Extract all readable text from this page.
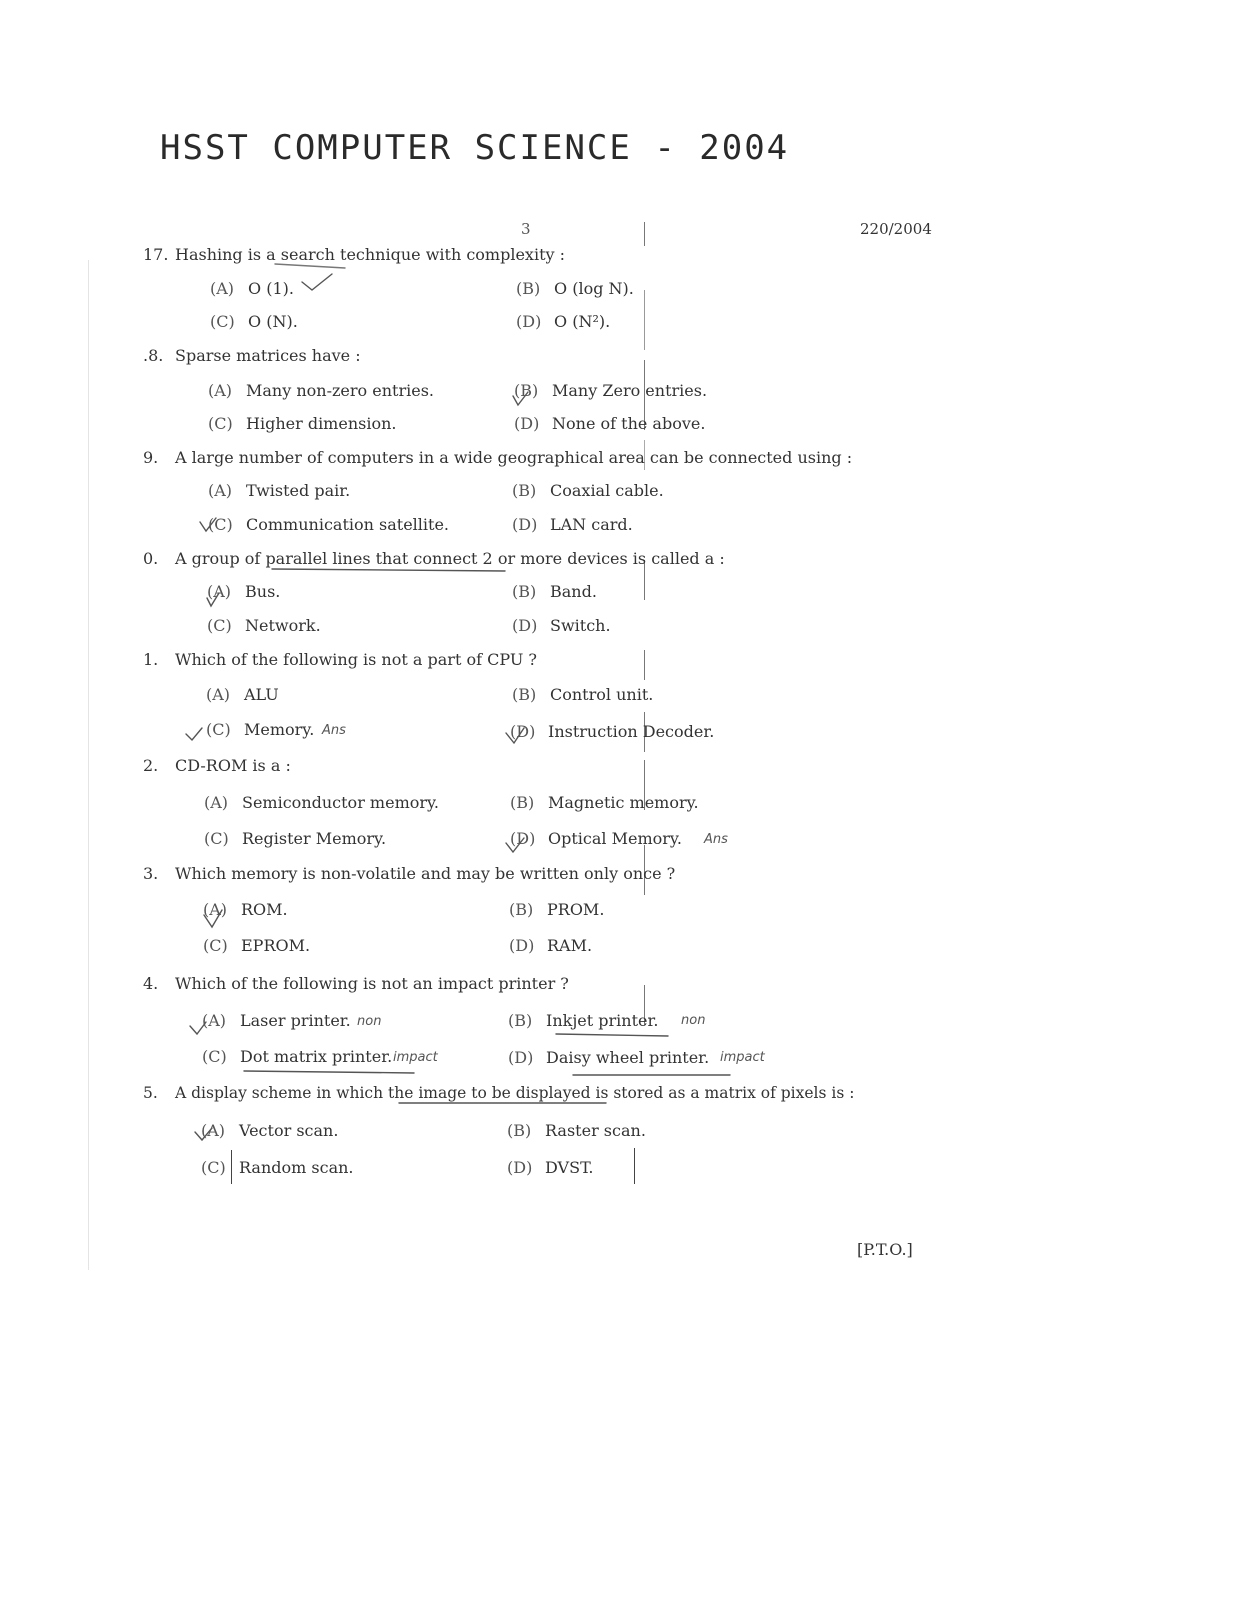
HSST COMPUTER SCIENCE - 2004
3	220/2004
17. Hashing is a search technique with complexity :
(A) O (1).	(B) O (log N).
(C) O (N).	(D) O (N²).
.8. Sparse matrices have :
(A) Many non-zero entries.	(B) Many Zero entries.
(C) Higher dimension.	(D) None of the above.
9. A large number of computers in a wide geographical area can be connected using :
(A) Twisted pair.	(B) Coaxial cable.
(C) Communication satellite.	(D) LAN card.
0. A group of parallel lines that connect 2 or more devices is called a :
(A) Bus.	(B) Band.
(C) Network.	(D) Switch.
1. Which of the following is not a part of CPU ?
(A) ALU	(B) Control unit.
(C) Memory.	(D) Instruction Decoder.
2. CD-ROM is a :
(A) Semiconductor memory.	(B) Magnetic memory.
(C) Register Memory.	(D) Optical Memory.
3. Which memory is non-volatile and may be written only once ?
(A) ROM.	(B) PROM.
(C) EPROM.	(D) RAM.
4. Which of the following is not an impact printer ?
(A) Laser printer.	(B) Inkjet printer.
(C) Dot matrix printer.	(D) Daisy wheel printer.
5. A display scheme in which the image to be displayed is stored as a matrix of pixels is :
(A) Vector scan.	(B) Raster scan.
(C) Random scan.	(D) DVST.
[P.T.O.]
Ans
Ans
non	non
impact	impact
